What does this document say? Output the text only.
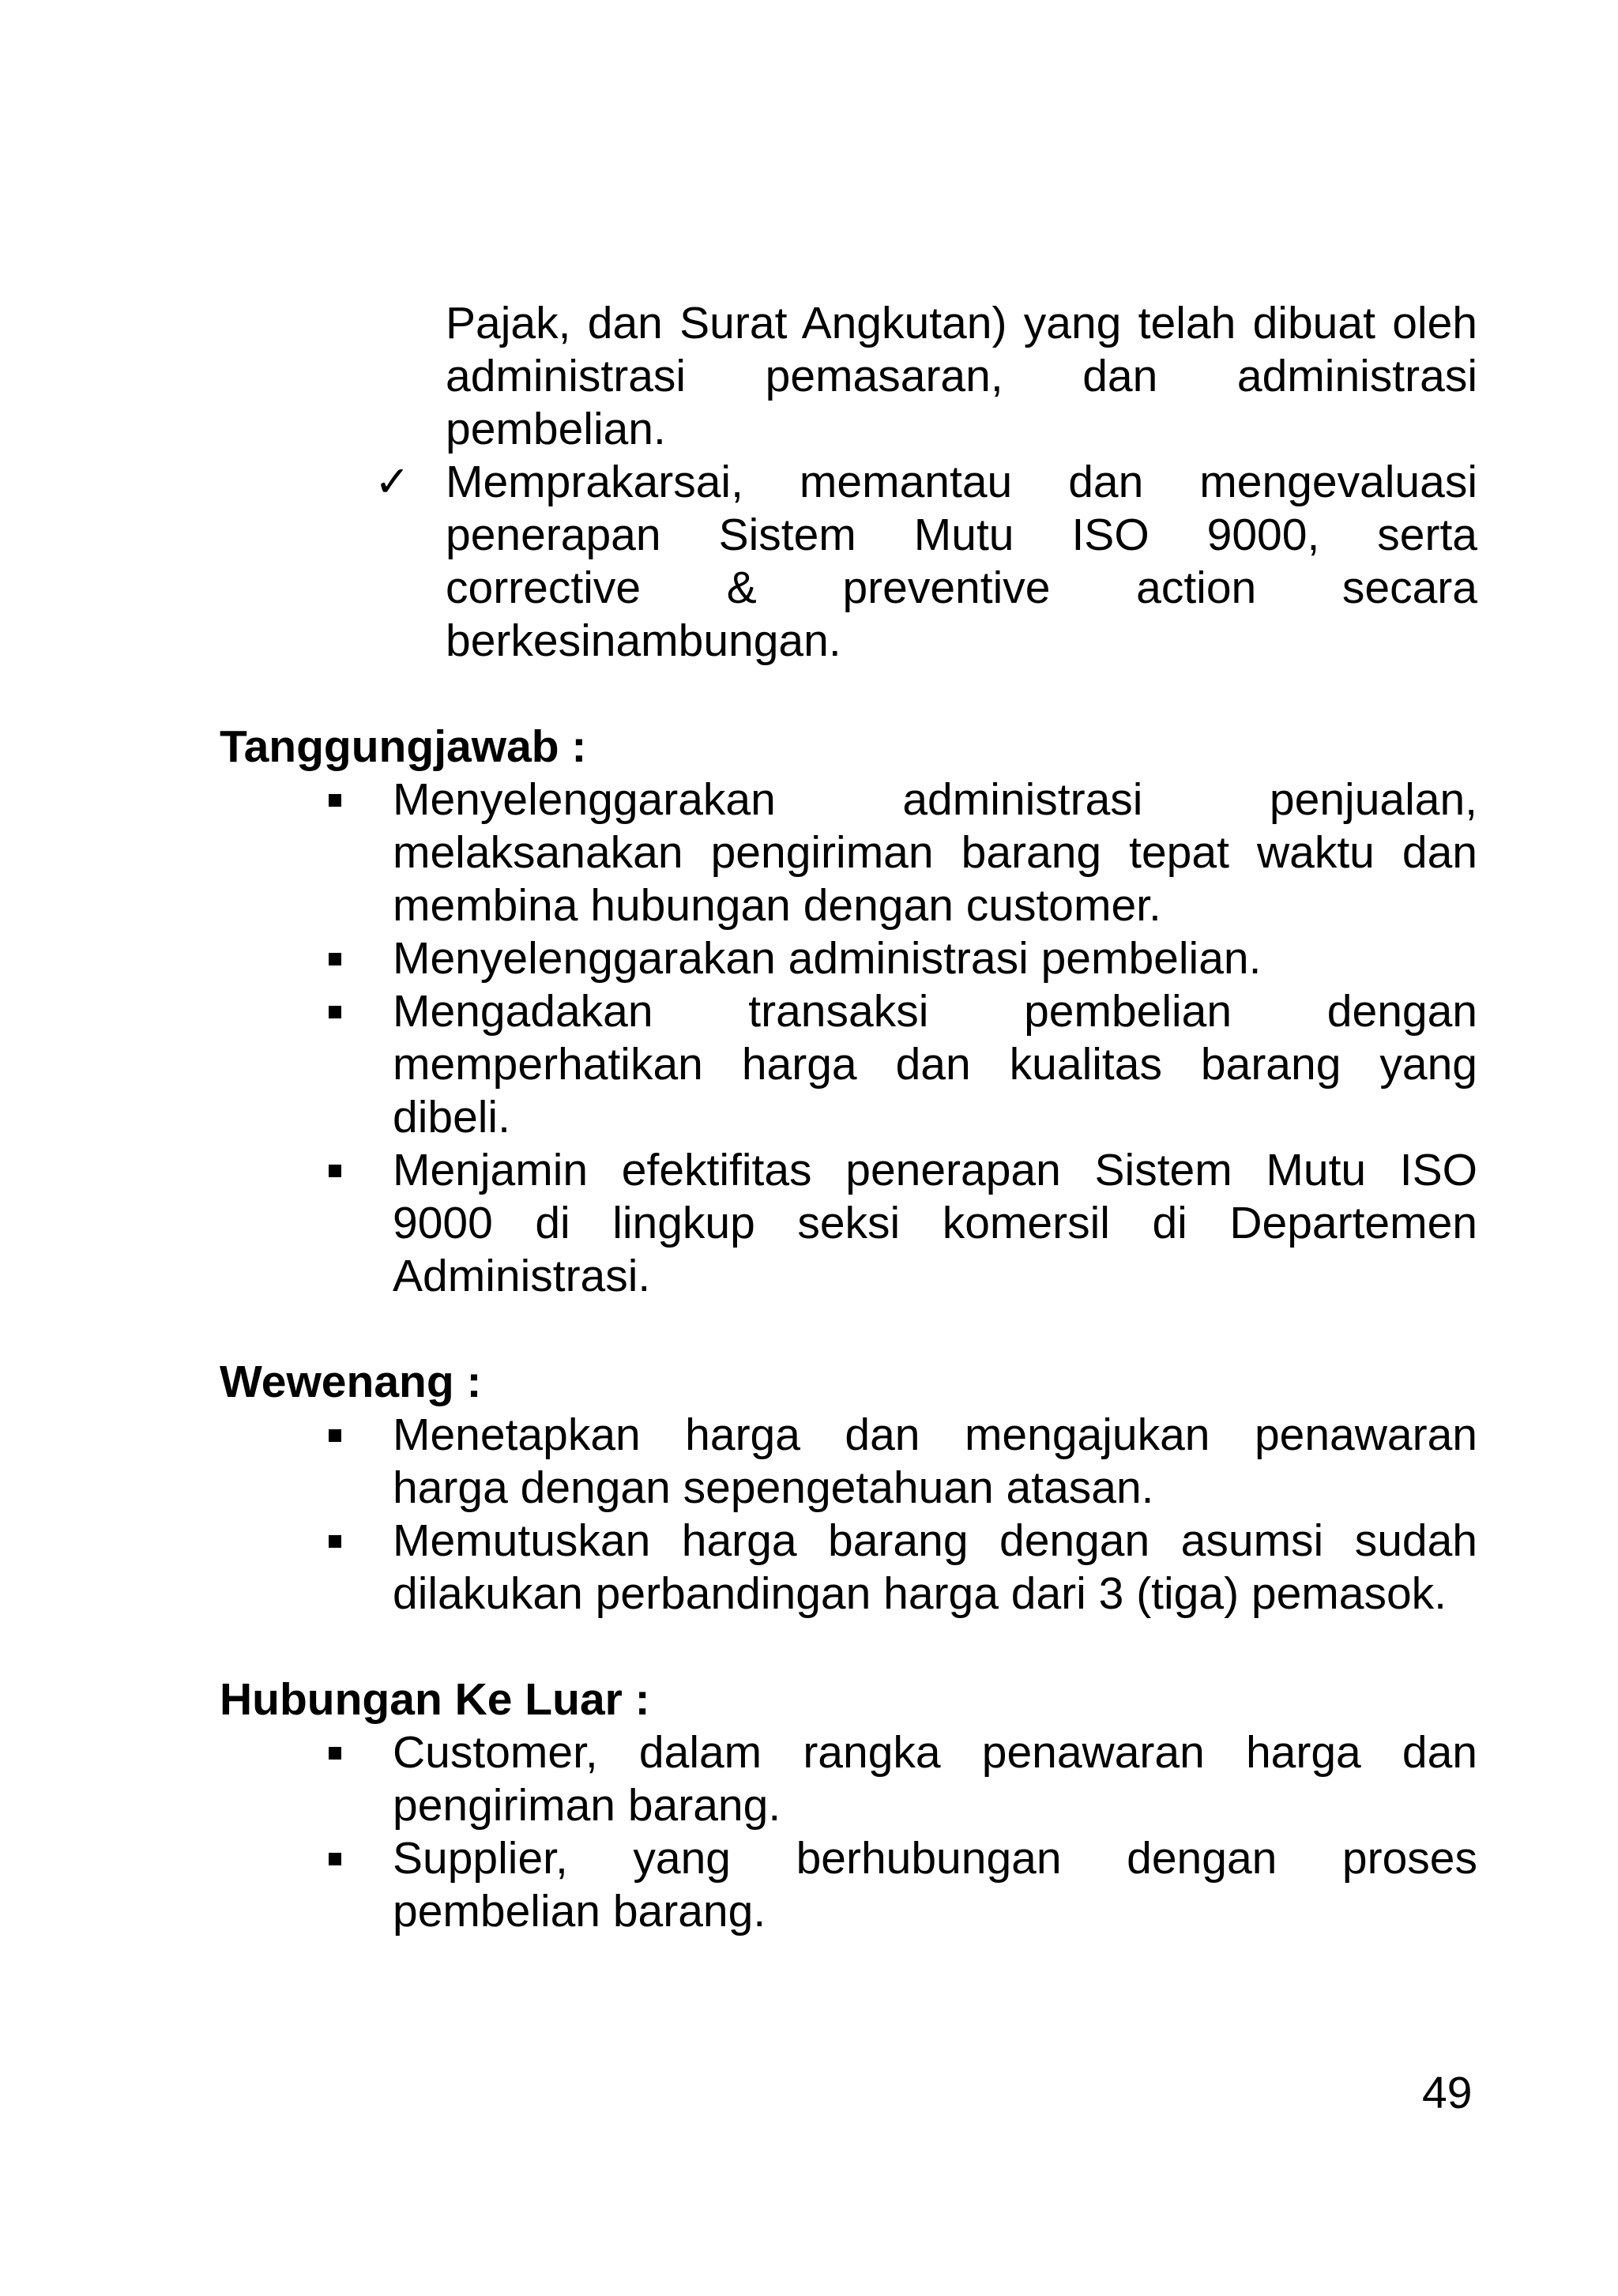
Pajak, dan Surat Angkutan) yang telah dibuat oleh
administrasi pemasaran, dan administrasi
pembelian.
✓ Memprakarsai, memantau dan mengevaluasi
penerapan Sistem Mutu ISO 9000, serta
corrective & preventive action secara
berkesinambungan.
Tanggungjawab :
Menyelenggarakan administrasi penjualan,
melaksanakan pengiriman barang tepat waktu dan
membina hubungan dengan customer.
Menyelenggarakan administrasi pembelian.
Mengadakan transaksi pembelian dengan
memperhatikan harga dan kualitas barang yang
dibeli.
Menjamin efektifitas penerapan Sistem Mutu ISO
9000 di lingkup seksi komersil di Departemen
Administrasi.
Wewenang :
Menetapkan harga dan mengajukan penawaran
harga dengan sepengetahuan atasan.
Memutuskan harga barang dengan asumsi sudah
dilakukan perbandingan harga dari 3 (tiga) pemasok.
Hubungan Ke Luar :
Customer, dalam rangka penawaran harga dan
pengiriman barang.
Supplier, yang berhubungan dengan proses
pembelian barang.
49
